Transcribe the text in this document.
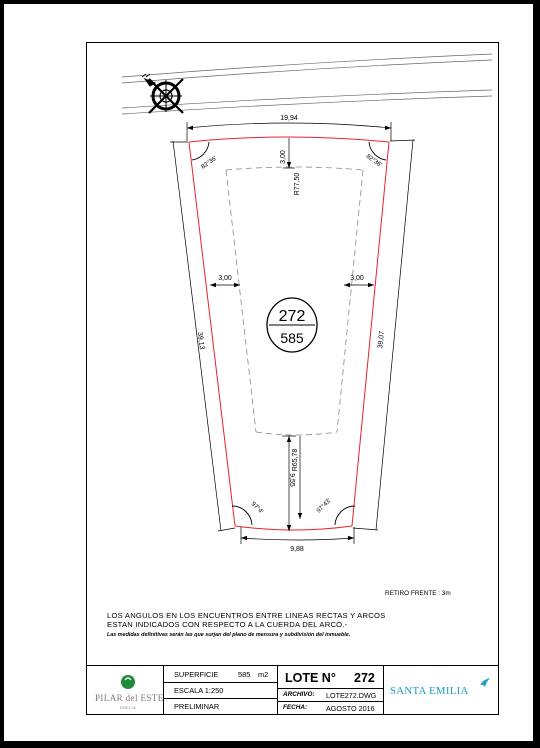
272
585
19,94
9,88
39,13	39,07
3,00
R77,50
3,00	3,00
R65,78
9,55
82°36'	82°36'
97°4'	97°43'
RETIRO FRENTE : 3m
LOS ANGULOS EN LOS ENCUENTROS ENTRE LINEAS RECTAS Y ARCOS
ESTAN INDICADOS CON RESPECTO A LA CUERDA DEL ARCO.-
Las medidas definitivas serán las que surjan del plano de mensura y subdivisión del inmueble.
PILAR del ESTE
ESSEX SA
SUPERFICIE	585 m2
ESCALA 1:250
PRELIMINAR
LOTE N° 272
ARCHIVO: LOTE272.DWG
FECHA:	AGOSTO 2016
SANTA EMILIA
